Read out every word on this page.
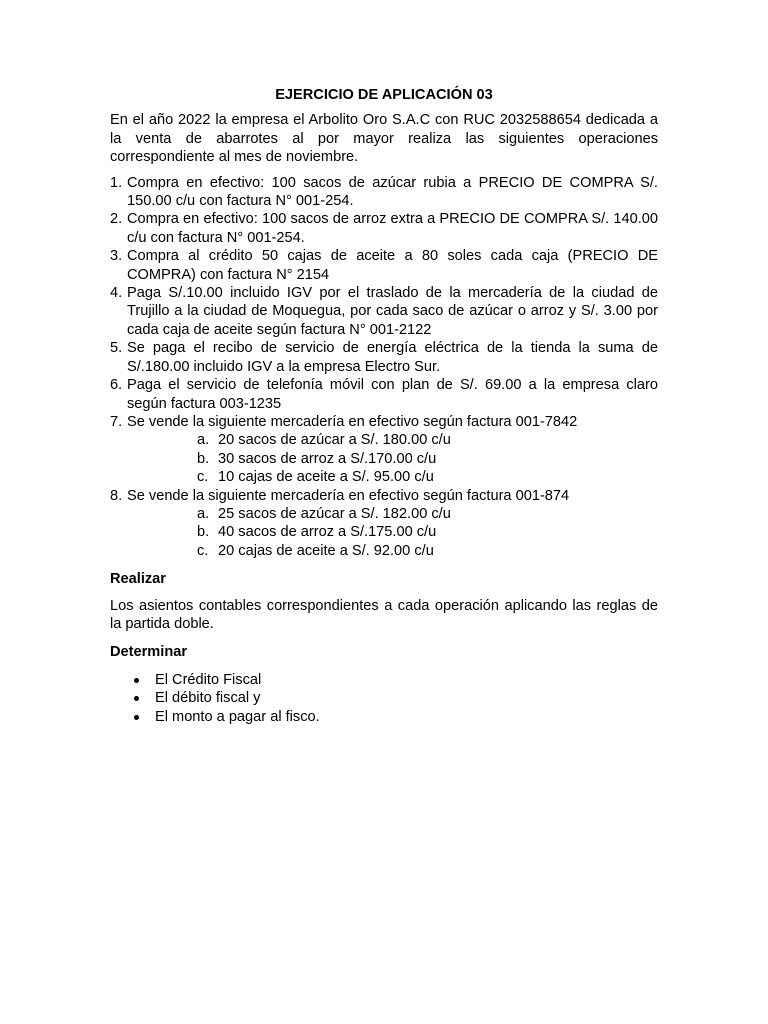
EJERCICIO DE APLICACIÓN 03

En el año 2022 la empresa el Arbolito Oro S.A.C con RUC 2032588654 dedicada a la venta de abarrotes al por mayor realiza las siguientes operaciones correspondiente al mes de noviembre.

1. Compra en efectivo: 100 sacos de azúcar rubia a PRECIO DE COMPRA S/. 150.00 c/u con factura N° 001-254.
2. Compra en efectivo: 100 sacos de arroz extra a PRECIO DE COMPRA S/. 140.00 c/u con factura N° 001-254.
3. Compra al crédito 50 cajas de aceite a 80 soles cada caja (PRECIO DE COMPRA) con factura N° 2154
4. Paga S/.10.00 incluido IGV por el traslado de la mercadería de la ciudad de Trujillo a la ciudad de Moquegua, por cada saco de azúcar o arroz y S/. 3.00 por cada caja de aceite según factura N° 001-2122
5. Se paga el recibo de servicio de energía eléctrica de la tienda la suma de S/.180.00 incluido IGV a la empresa Electro Sur.
6. Paga el servicio de telefonía móvil con plan de S/. 69.00 a la empresa claro según factura 003-1235
7. Se vende la siguiente mercadería en efectivo según factura 001-7842
a. 20 sacos de azúcar a S/. 180.00 c/u
b. 30 sacos de arroz a S/.170.00 c/u
c. 10 cajas de aceite a S/. 95.00 c/u
8. Se vende la siguiente mercadería en efectivo según factura 001-874
a. 25 sacos de azúcar a S/. 182.00 c/u
b. 40 sacos de arroz a S/.175.00 c/u
c. 20 cajas de aceite a S/. 92.00 c/u

Realizar

Los asientos contables correspondientes a cada operación aplicando las reglas de la partida doble.

Determinar

El Crédito Fiscal
El débito fiscal y
El monto a pagar al fisco.
